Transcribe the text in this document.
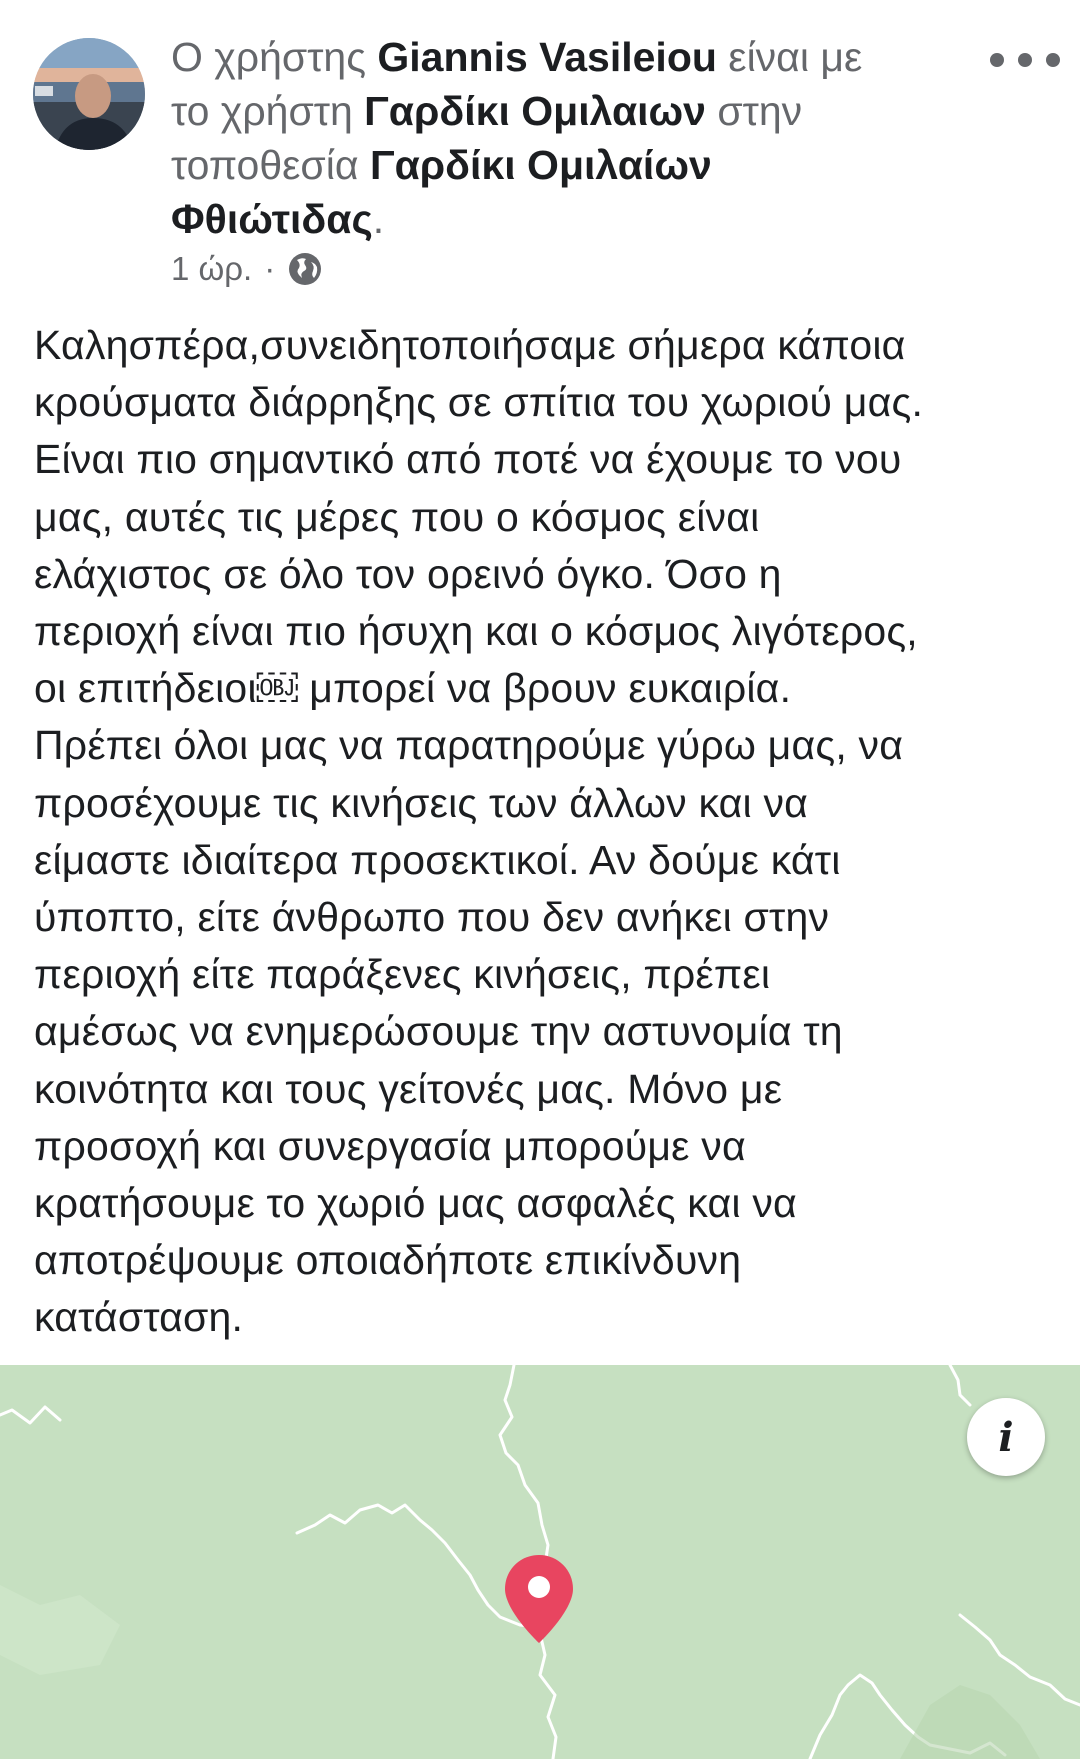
Ο χρήστης Giannis Vasileiou είναι με
το χρήστη Γαρδίκι Ομιλαιων στην
τοποθεσία Γαρδίκι Ομιλαίων
Φθιώτιδας.
1 ώρ. ·
Καλησπέρα,συνειδητοποιήσαμε σήμερα κάποια
κρούσματα διάρρηξης σε σπίτια του χωριού μας.
Είναι πιο σημαντικό από ποτέ να έχουμε το νου
μας, αυτές τις μέρες που ο κόσμος είναι
ελάχιστος σε όλο τον ορεινό όγκο. Όσο η
περιοχή είναι πιο ήσυχη και ο κόσμος λιγότερος,
οι επιτήδειοι￼ μπορεί να βρουν ευκαιρία.
Πρέπει όλοι μας να παρατηρούμε γύρω μας, να
προσέχουμε τις κινήσεις των άλλων και να
είμαστε ιδιαίτερα προσεκτικοί. Αν δούμε κάτι
ύποπτο, είτε άνθρωπο που δεν ανήκει στην
περιοχή είτε παράξενες κινήσεις, πρέπει
αμέσως να ενημερώσουμε την αστυνομία τη
κοινότητα και τους γείτονές μας. Μόνο με
προσοχή και συνεργασία μπορούμε να
κρατήσουμε το χωριό μας ασφαλές και να
αποτρέψουμε οποιαδήποτε επικίνδυνη
κατάσταση.
i
